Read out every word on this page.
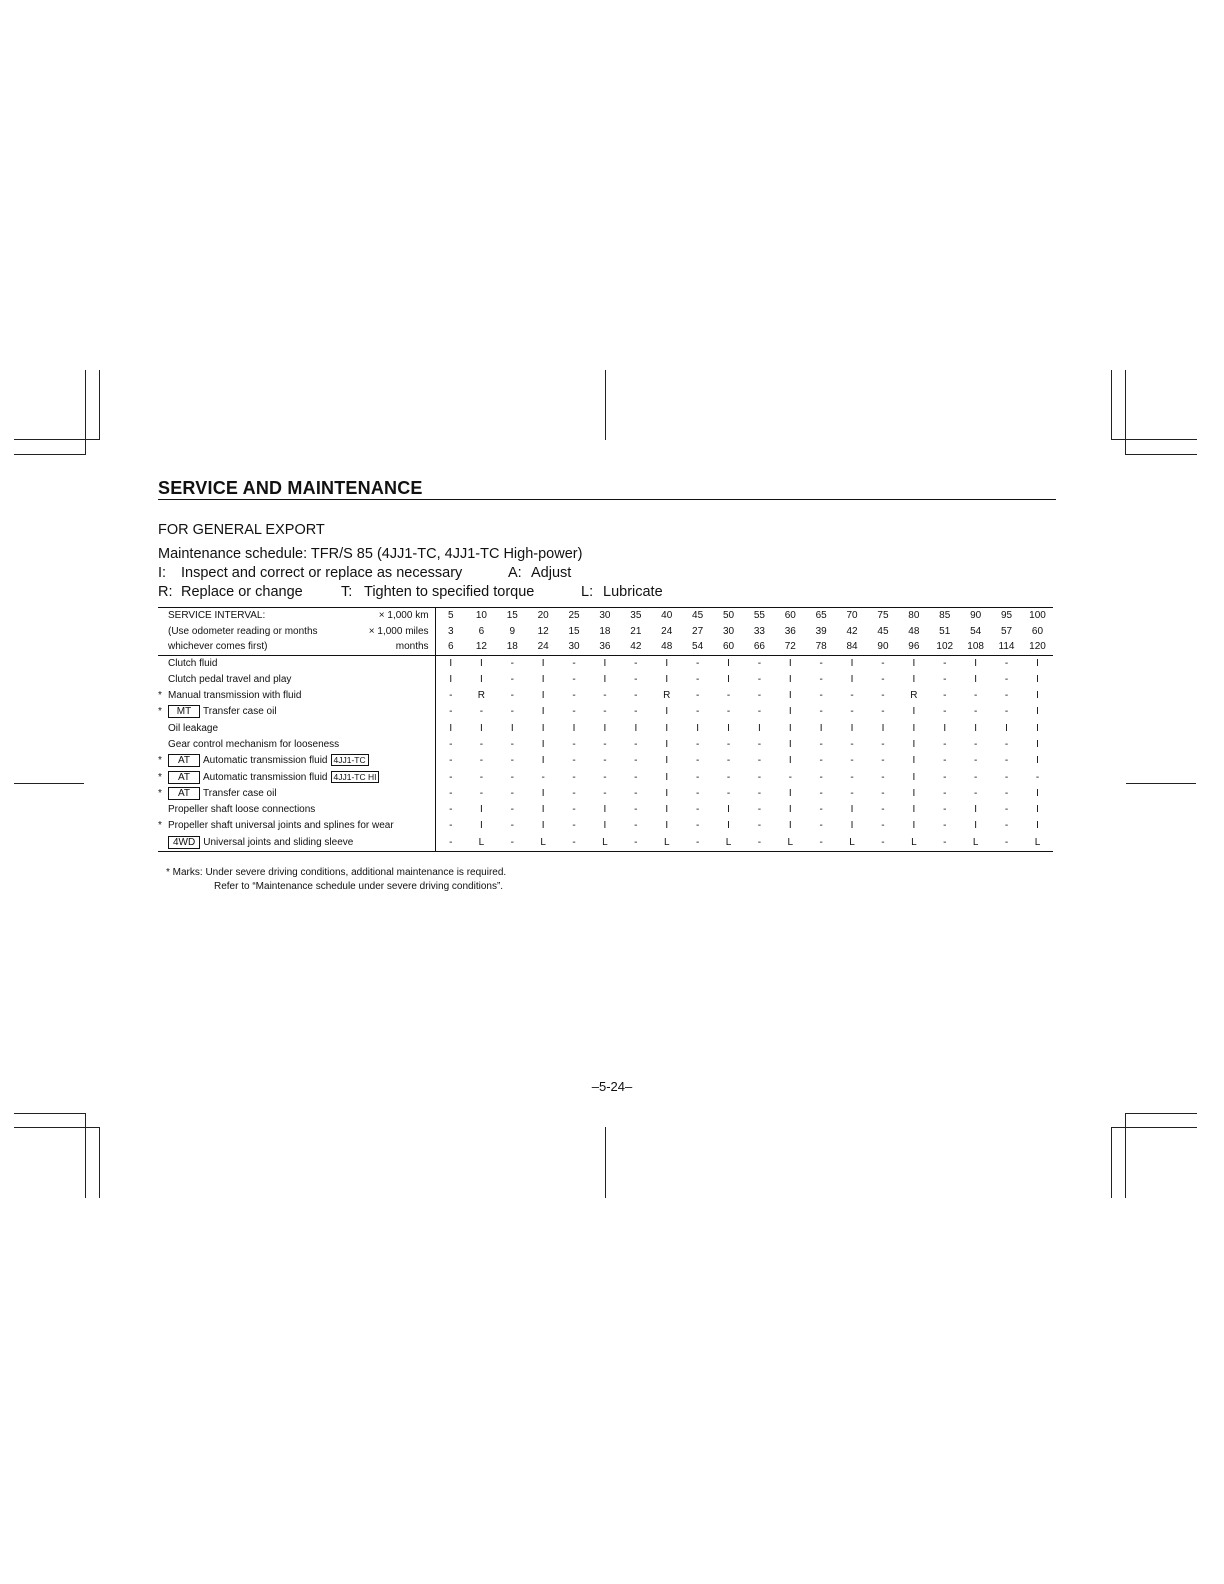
SERVICE AND MAINTENANCE
FOR GENERAL EXPORT
Maintenance schedule: TFR/S 85 (4JJ1-TC, 4JJ1-TC High-power)
I: Inspect and correct or replace as necessary	A: Adjust
R: Replace or change	T: Tighten to specified torque	L: Lubricate
SERVICE INTERVAL:	× 1,000 km	5	10	15	20	25	30	35	40	45	50	55	60	65	70	75	80	85	90	95	100
(Use odometer reading or months	× 1,000 miles	3	6	9	12	15	18	21	24	27	30	33	36	39	42	45	48	51	54	57	60
whichever comes first)	months	6	12	18	24	30	36	42	48	54	60	66	72	78	84	90	96	102	108	114	120
Clutch fluid	I	I	-	I	-	I	-	I	-	I	-	I	-	I	-	I	-	I	-	I
Clutch pedal travel and play	I	I	-	I	-	I	-	I	-	I	-	I	-	I	-	I	-	I	-	I
* Manual transmission with fluid	-	R	-	I	-	-	-	R	-	-	-	I	-	-	-	R	-	-	-	I
* MT Transfer case oil	-	-	-	I	-	-	-	I	-	-	-	I	-	-	-	I	-	-	-	I
Oil leakage	I	I	I	I	I	I	I	I	I	I	I	I	I	I	I	I	I	I	I	I
Gear control mechanism for looseness	-	-	-	I	-	-	-	I	-	-	-	I	-	-	-	I	-	-	-	I
* AT Automatic transmission fluid 4JJ1-TC	-	-	-	I	-	-	-	I	-	-	-	I	-	-	-	I	-	-	-	I
* AT Automatic transmission fluid 4JJ1-TC HI	-	-	-	-	-	-	-	I	-	-	-	-	-	-	-	I	-	-	-	-
* AT Transfer case oil	-	-	-	I	-	-	-	I	-	-	-	I	-	-	-	I	-	-	-	I
Propeller shaft loose connections	-	I	-	I	-	I	-	I	-	I	-	I	-	I	-	I	-	I	-	I
* Propeller shaft universal joints and splines for wear	-	I	-	I	-	I	-	I	-	I	-	I	-	I	-	I	-	I	-	I
4WD Universal joints and sliding sleeve	-	L	-	L	-	L	-	L	-	L	-	L	-	L	-	L	-	L	-	L
* Marks: Under severe driving conditions, additional maintenance is required.
Refer to “Maintenance schedule under severe driving conditions”.
–5-24–
